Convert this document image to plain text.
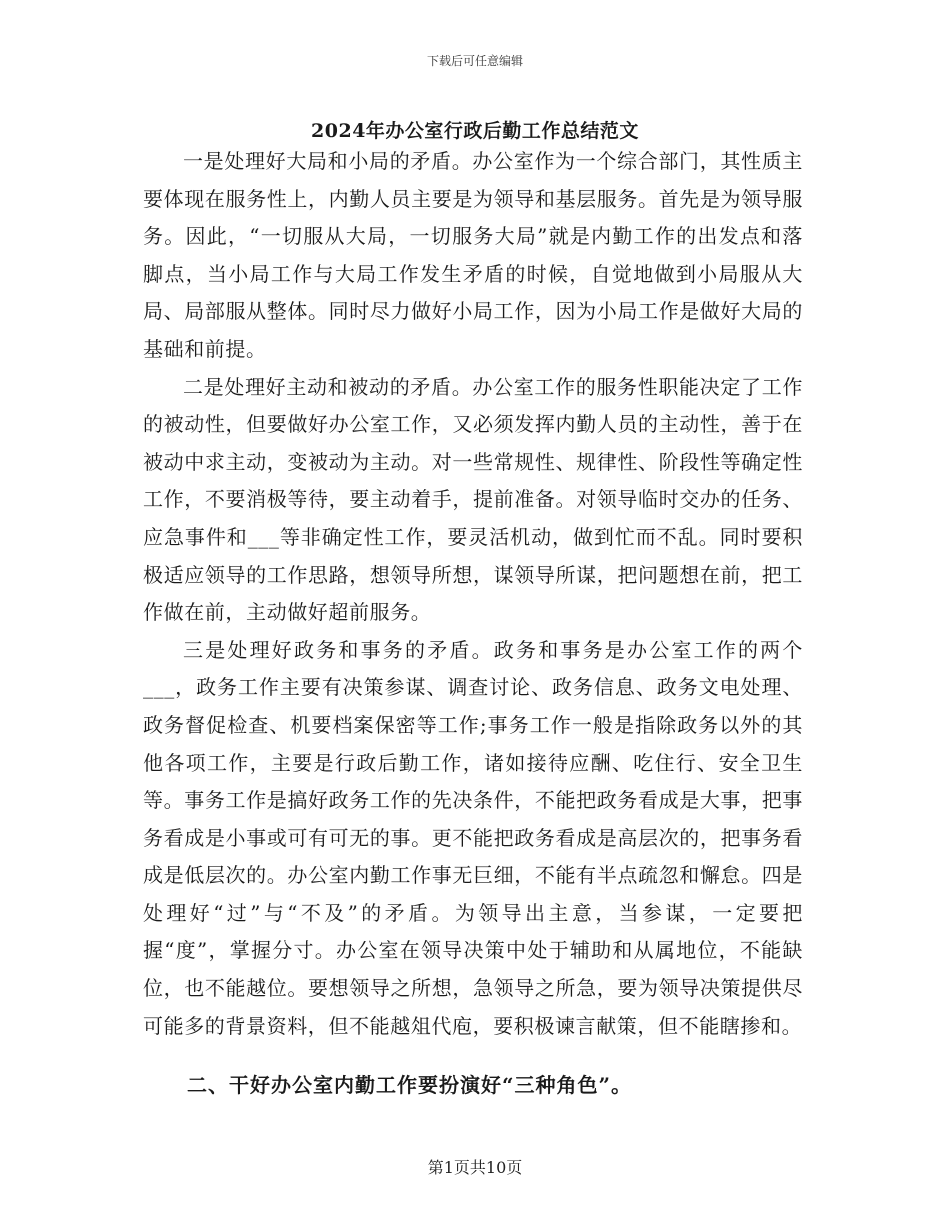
下载后可任意编辑
2024年办公室行政后勤工作总结范文

一是处理好大局和小局的矛盾。办公室作为一个综合部门，其性质主要体现在服务性上，内勤人员主要是为领导和基层服务。首先是为领导服务。因此，“一切服从大局，一切服务大局”就是内勤工作的出发点和落脚点，当小局工作与大局工作发生矛盾的时候，自觉地做到小局服从大局、局部服从整体。同时尽力做好小局工作，因为小局工作是做好大局的基础和前提。

二是处理好主动和被动的矛盾。办公室工作的服务性职能决定了工作的被动性，但要做好办公室工作，又必须发挥内勤人员的主动性，善于在被动中求主动，变被动为主动。对一些常规性、规律性、阶段性等确定性工作，不要消极等待，要主动着手，提前准备。对领导临时交办的任务、应急事件和___等非确定性工作，要灵活机动，做到忙而不乱。同时要积极适应领导的工作思路，想领导所想，谋领导所谋，把问题想在前，把工作做在前，主动做好超前服务。

三是处理好政务和事务的矛盾。政务和事务是办公室工作的两个___，政务工作主要有决策参谋、调查讨论、政务信息、政务文电处理、政务督促检查、机要档案保密等工作;事务工作一般是指除政务以外的其他各项工作，主要是行政后勤工作，诸如接待应酬、吃住行、安全卫生等。事务工作是搞好政务工作的先决条件，不能把政务看成是大事，把事务看成是小事或可有可无的事。更不能把政务看成是高层次的，把事务看成是低层次的。办公室内勤工作事无巨细，不能有半点疏忽和懈怠。四是处理好“过”与“不及”的矛盾。为领导出主意，当参谋，一定要把握“度”，掌握分寸。办公室在领导决策中处于辅助和从属地位，不能缺位，也不能越位。要想领导之所想，急领导之所急，要为领导决策提供尽可能多的背景资料，但不能越俎代庖，要积极谏言献策，但不能瞎掺和。

二、干好办公室内勤工作要扮演好“三种角色”。
第1页共10页
